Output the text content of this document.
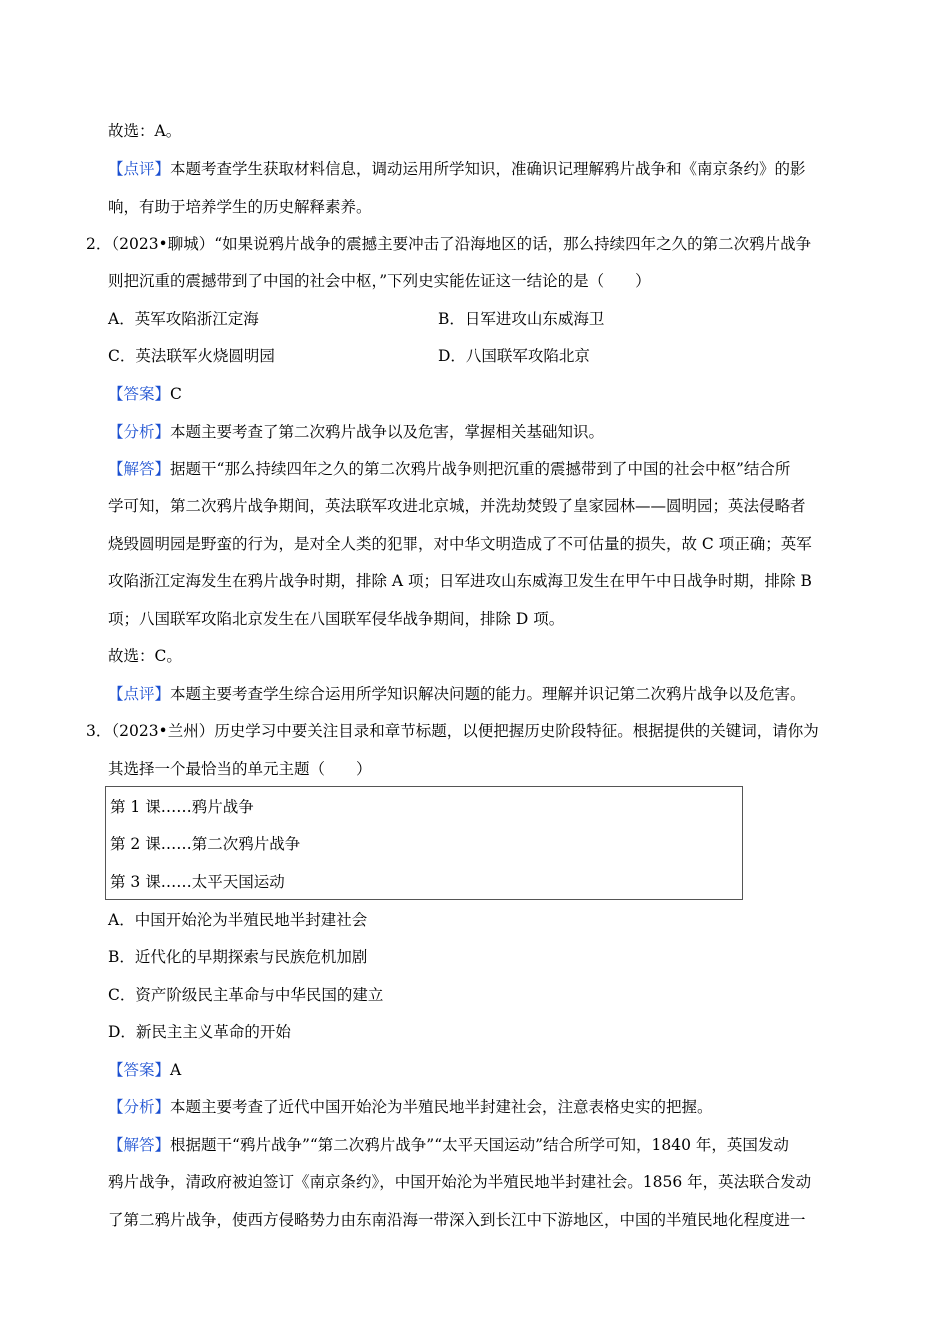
故选：A。
【点评】本题考查学生获取材料信息，调动运用所学知识，准确识记理解鸦片战争和《南京条约》的影
响，有助于培养学生的历史解释素养。
2．（2023•聊城）“如果说鸦片战争的震撼主要冲击了沿海地区的话，那么持续四年之久的第二次鸦片战争
则把沉重的震撼带到了中国的社会中枢，”下列史实能佐证这一结论的是（　　）
A．英军攻陷浙江定海	B．日军进攻山东威海卫
C．英法联军火烧圆明园	D．八国联军攻陷北京
【答案】C
【分析】本题主要考查了第二次鸦片战争以及危害，掌握相关基础知识。
【解答】据题干“那么持续四年之久的第二次鸦片战争则把沉重的震撼带到了中国的社会中枢”结合所
学可知，第二次鸦片战争期间，英法联军攻进北京城，并洗劫焚毁了皇家园林——圆明园；英法侵略者
烧毁圆明园是野蛮的行为，是对全人类的犯罪，对中华文明造成了不可估量的损失，故 C 项正确；英军
攻陷浙江定海发生在鸦片战争时期，排除 A 项；日军进攻山东威海卫发生在甲午中日战争时期，排除 B
项；八国联军攻陷北京发生在八国联军侵华战争期间，排除 D 项。
故选：C。
【点评】本题主要考查学生综合运用所学知识解决问题的能力。理解并识记第二次鸦片战争以及危害。
3．（2023•兰州）历史学习中要关注目录和章节标题，以便把握历史阶段特征。根据提供的关键词，请你为
其选择一个最恰当的单元主题（　　）
第 1 课……鸦片战争
第 2 课……第二次鸦片战争
第 3 课……太平天国运动
A．中国开始沦为半殖民地半封建社会
B．近代化的早期探索与民族危机加剧
C．资产阶级民主革命与中华民国的建立
D．新民主主义革命的开始
【答案】A
【分析】本题主要考查了近代中国开始沦为半殖民地半封建社会，注意表格史实的把握。
【解答】根据题干“鸦片战争”“第二次鸦片战争”“太平天国运动”结合所学可知，1840 年，英国发动
鸦片战争，清政府被迫签订《南京条约》，中国开始沦为半殖民地半封建社会。1856 年，英法联合发动
了第二鸦片战争，使西方侵略势力由东南沿海一带深入到长江中下游地区，中国的半殖民地化程度进一
